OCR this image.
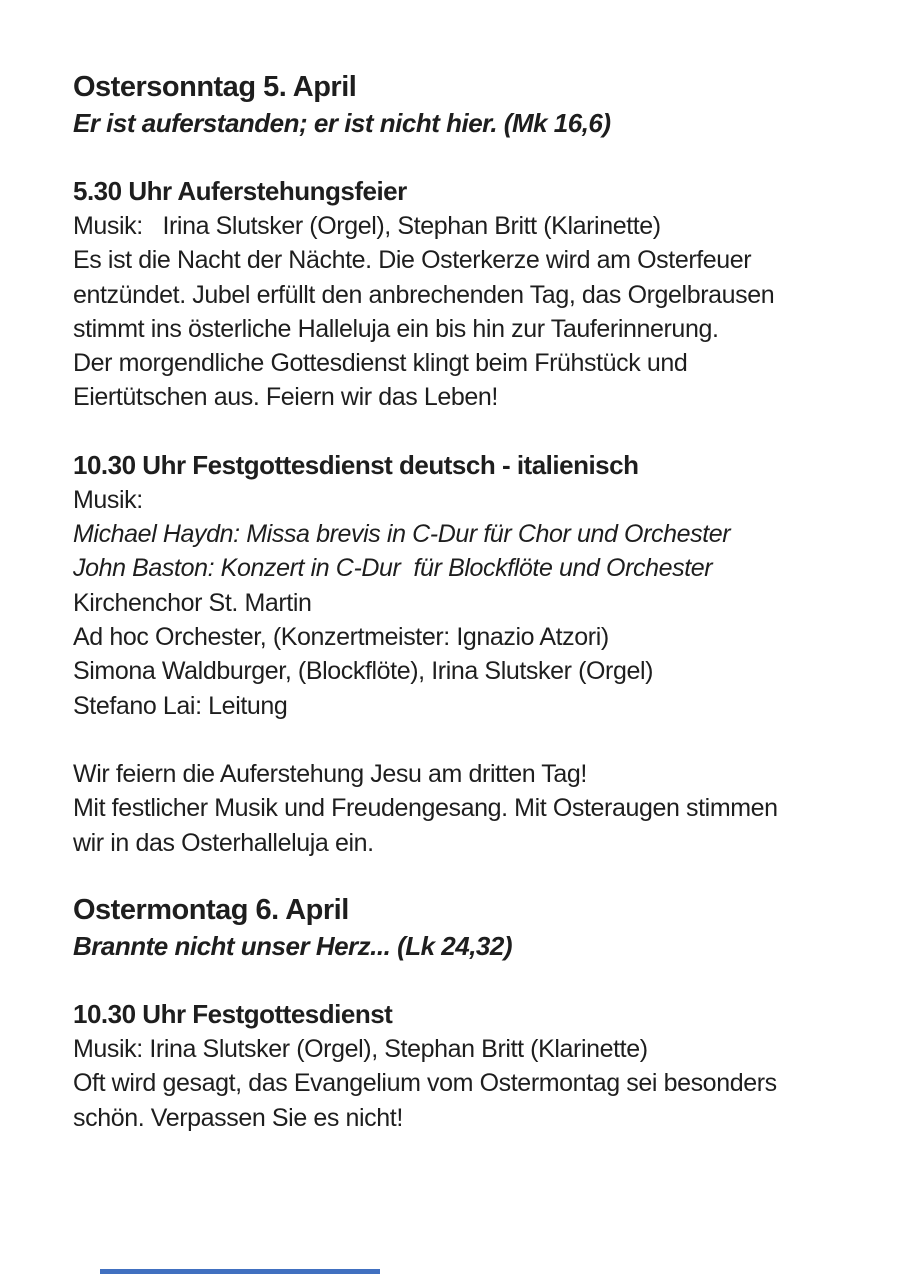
Ostersonntag 5. April

Er ist auferstanden; er ist nicht hier. (Mk 16,6)

5.30 Uhr Auferstehungsfeier

Musik:   Irina Slutsker (Orgel), Stephan Britt (Klarinette)

Es ist die Nacht der Nächte. Die Osterkerze wird am Osterfeuer

entzündet. Jubel erfüllt den anbrechenden Tag, das Orgelbrausen

stimmt ins österliche Halleluja ein bis hin zur Tauferinnerung.

Der morgendliche Gottesdienst klingt beim Frühstück und

Eiertütschen aus. Feiern wir das Leben!

10.30 Uhr Festgottesdienst deutsch - italienisch

Musik:

Michael Haydn: Missa brevis in C-Dur für Chor und Orchester

John Baston: Konzert in C-Dur  für Blockflöte und Orchester

Kirchenchor St. Martin

Ad hoc Orchester, (Konzertmeister: Ignazio Atzori)

Simona Waldburger, (Blockflöte), Irina Slutsker (Orgel)

Stefano Lai: Leitung

Wir feiern die Auferstehung Jesu am dritten Tag!

Mit festlicher Musik und Freudengesang. Mit Osteraugen stimmen

wir in das Osterhalleluja ein.

Ostermontag 6. April

Brannte nicht unser Herz... (Lk 24,32)

10.30 Uhr Festgottesdienst

Musik: Irina Slutsker (Orgel), Stephan Britt (Klarinette)

Oft wird gesagt, das Evangelium vom Ostermontag sei besonders

schön. Verpassen Sie es nicht!
